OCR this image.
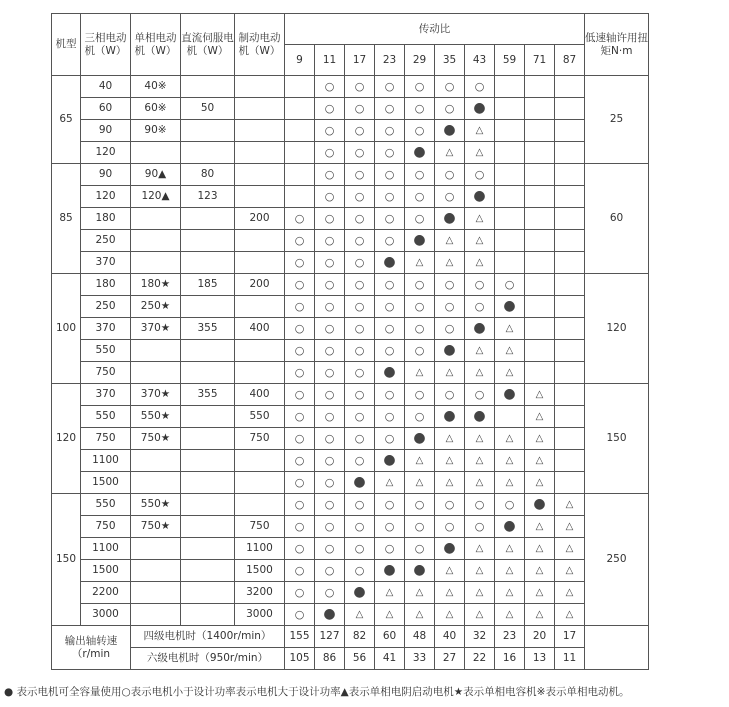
机型	三相电动机（W）	单相电动机（W）	直流伺服电机（W）	制动电动机（W）	传动比										低速轴许用扭矩N·m
					9	11	17	23	29	35	43	59	71	87	
65	40	40※				○	○	○	○	○	○				25
	60	60※	50			○	○	○	○	○	●				
	90	90※				○	○	○	○	●	△				
	120					○	○	○	●	△	△				
85	90	90▲	80			○	○	○	○	○	○				60
	120	120▲	123			○	○	○	○	○	●				
	180			200	○	○	○	○	○	●	△				
	250				○	○	○	○	●	△	△				
	370				○	○	○	●	△	△	△				
100	180	180★	185	200	○	○	○	○	○	○	○	○			120
	250	250★			○	○	○	○	○	○	○	●			
	370	370★	355	400	○	○	○	○	○	○	●	△			
	550				○	○	○	○	○	●	△	△			
	750				○	○	○	●	△	△	△	△			
120	370	370★	355	400	○	○	○	○	○	○	○	●	△		150
	550	550★		550	○	○	○	○	○	●	●		△		
	750	750★		750	○	○	○	○	●	△	△	△	△		
	1100				○	○	○	●	△	△	△	△	△		
	1500				○	○	●	△	△	△	△	△	△		
150	550	550★			○	○	○	○	○	○	○	○	●	△	250
	750	750★		750	○	○	○	○	○	○	○	●	△	△	
	1100			1100	○	○	○	○	○	●	△	△	△	△	
	1500			1500	○	○	○	●	●	△	△	△	△	△	
	2200			3200	○	○	●	△	△	△	△	△	△	△	
	3000			3000	○	●	△	△	△	△	△	△	△	△	
输出轴转速（r/min		四级电机时（1400r/min）			155	127	82	60	48	40	32	23	20	17	
		六级电机时（950r/min）			105	86	56	41	33	27	22	16	13	11	
● 表示电机可全容量使用○表示电机小于设计功率表示电机大于设计功率▲表示单相电阴启动电机★表示单相电容机※表示单相电动机。
